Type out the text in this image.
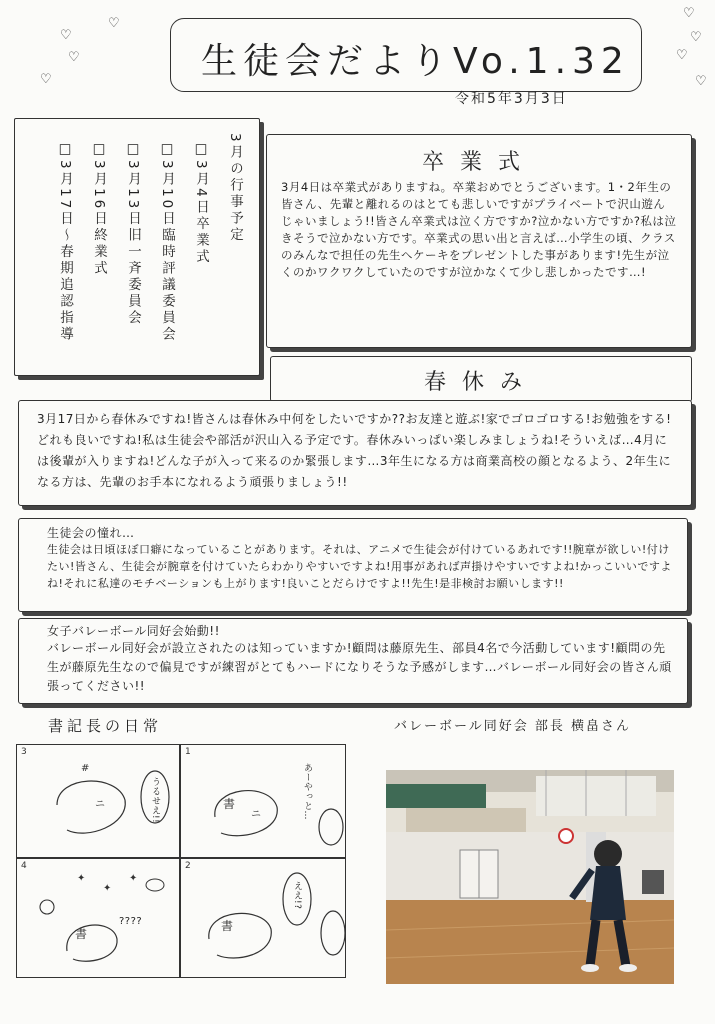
♡
♡
♡
♡
♡
♡
♡
♡
生徒会だよりVo.1.32
令和5年3月3日
3月の行事予定
□3月4日卒業式
□3月10日臨時評議委員会
□3月13日旧一斉委員会
□3月16日終業式
□3月17日〜春期追認指導	卒業式
3月4日は卒業式がありますね。卒業おめでとうございます。1・2年生の皆さん、先輩と離れるのはとても悲しいですがプライベートで沢山遊んじゃいましょう!!皆さん卒業式は泣く方ですか?泣かない方ですか?私は泣きそうで泣かない方です。卒業式の思い出と言えば…小学生の頃、クラスのみんなで担任の先生へケーキをプレゼントした事があります!先生が泣くのかワクワクしていたのですが泣かなくて少し悲しかったです…!
春休み
3月17日から春休みですね!皆さんは春休み中何をしたいですか??お友達と遊ぶ!家でゴロゴロする!お勉強をする!どれも良いですね!私は生徒会や部活が沢山入る予定です。春休みいっぱい楽しみましょうね!そういえば…4月には後輩が入りますね!どんな子が入って来るのか緊張します…3年生になる方は商業高校の顔となるよう、2年生になる方は、先輩のお手本になれるよう頑張りましょう!!
生徒会の憧れ…
生徒会は日頃ほぼ口癖になっていることがあります。それは、アニメで生徒会が付けているあれです!!腕章が欲しい!付けたい!皆さん、生徒会が腕章を付けていたらわかりやすいですよね!用事があれば声掛けやすいですよね!かっこいいですよね!それに私達のモチベーションも上がります!良いことだらけですよ!!先生!是非検討お願いします!!
女子バレーボール同好会始動!!
バレーボール同好会が設立されたのは知っていますか!顧問は藤原先生、部員4名で今活動しています!顧問の先生が藤原先生なので偏見ですが練習がとてもハードになりそうな予感がします…バレーボール同好会の皆さん頑張ってください!!
書記長の日常
3
#
ニ	うるせえ!!
1
ニ
書	あーやっと…
4
✦
✦
✦
書
????
2
書
ええ!?
バレーボール同好会 部長 横畠さん
